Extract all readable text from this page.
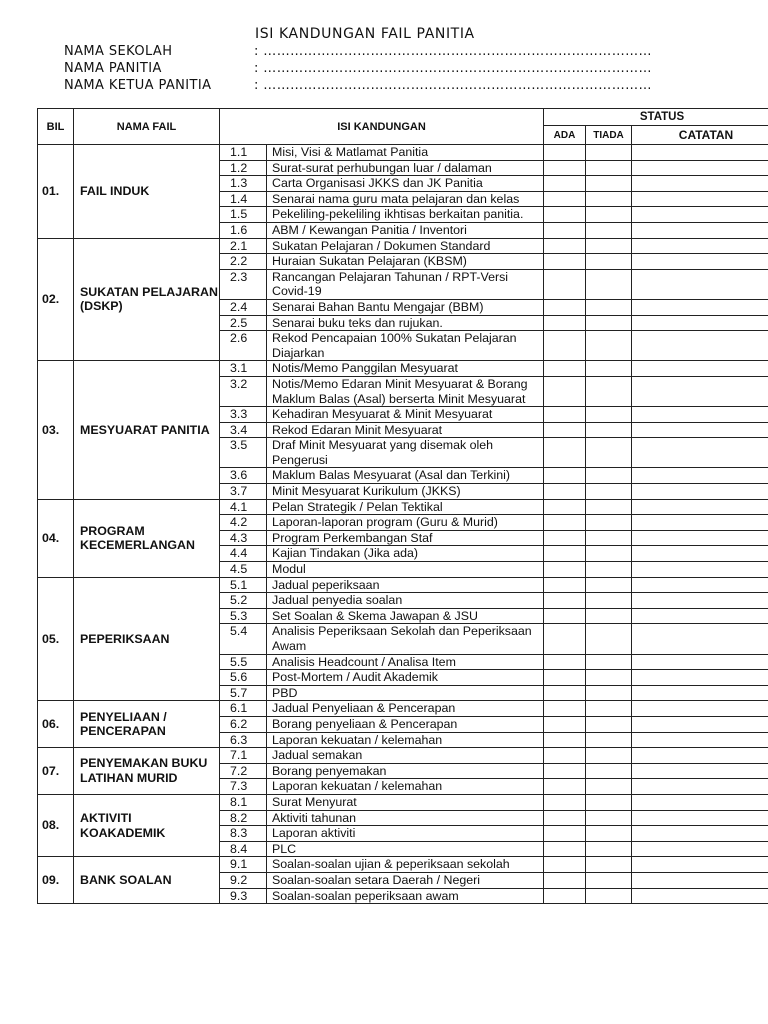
ISI KANDUNGAN FAIL PANITIA
NAMA SEKOLAH	: ……………………………………………………………………………
NAMA PANITIA	: ……………………………………………………………………………
NAMA KETUA PANITIA	: ……………………………………………………………………………
BIL	NAMA FAIL	ISI KANDUNGAN		STATUS		
				ADA	TIADA	CATATAN
01.	FAIL INDUK	1.1	Misi, Visi & Matlamat Panitia			
		1.2	Surat-surat perhubungan luar / dalaman			
		1.3	Carta Organisasi JKKS dan JK Panitia			
		1.4	Senarai nama guru mata pelajaran dan kelas			
		1.5	Pekeliling-pekeliling ikhtisas berkaitan panitia.			
		1.6	ABM / Kewangan Panitia / Inventori			
02.	SUKATAN PELAJARAN (DSKP)	2.1	Sukatan Pelajaran / Dokumen Standard			
		2.2	Huraian Sukatan Pelajaran (KBSM)			
		2.3	Rancangan Pelajaran Tahunan / RPT-Versi Covid-19			
		2.4	Senarai Bahan Bantu Mengajar (BBM)			
		2.5	Senarai buku teks dan rujukan.			
		2.6	Rekod Pencapaian 100% Sukatan Pelajaran Diajarkan			
03.	MESYUARAT PANITIA	3.1	Notis/Memo Panggilan Mesyuarat			
		3.2	Notis/Memo Edaran Minit Mesyuarat & Borang Maklum Balas (Asal) berserta Minit Mesyuarat			
		3.3	Kehadiran Mesyuarat & Minit Mesyuarat			
		3.4	Rekod Edaran Minit Mesyuarat			
		3.5	Draf Minit Mesyuarat yang disemak oleh Pengerusi			
		3.6	Maklum Balas Mesyuarat (Asal dan Terkini)			
		3.7	Minit Mesyuarat Kurikulum (JKKS)			
04.	PROGRAM KECEMERLANGAN	4.1	Pelan Strategik / Pelan Tektikal			
		4.2	Laporan-laporan program (Guru & Murid)			
		4.3	Program Perkembangan Staf			
		4.4	Kajian Tindakan (Jika ada)			
		4.5	Modul			
05.	PEPERIKSAAN	5.1	Jadual peperiksaan			
		5.2	Jadual penyedia soalan			
		5.3	Set Soalan & Skema Jawapan & JSU			
		5.4	Analisis Peperiksaan Sekolah dan Peperiksaan Awam			
		5.5	Analisis Headcount / Analisa Item			
		5.6	Post-Mortem / Audit Akademik			
		5.7	PBD			
06.	PENYELIAAN / PENCERAPAN	6.1	Jadual Penyeliaan & Pencerapan			
		6.2	Borang penyeliaan & Pencerapan			
		6.3	Laporan kekuatan / kelemahan			
07.	PENYEMAKAN BUKU LATIHAN MURID	7.1	Jadual semakan			
		7.2	Borang penyemakan			
		7.3	Laporan kekuatan / kelemahan			
08.	AKTIVITI KOAKADEMIK	8.1	Surat Menyurat			
		8.2	Aktiviti tahunan			
		8.3	Laporan aktiviti			
		8.4	PLC			
09.	BANK SOALAN	9.1	Soalan-soalan ujian & peperiksaan sekolah			
		9.2	Soalan-soalan setara Daerah / Negeri			
		9.3	Soalan-soalan peperiksaan awam			
